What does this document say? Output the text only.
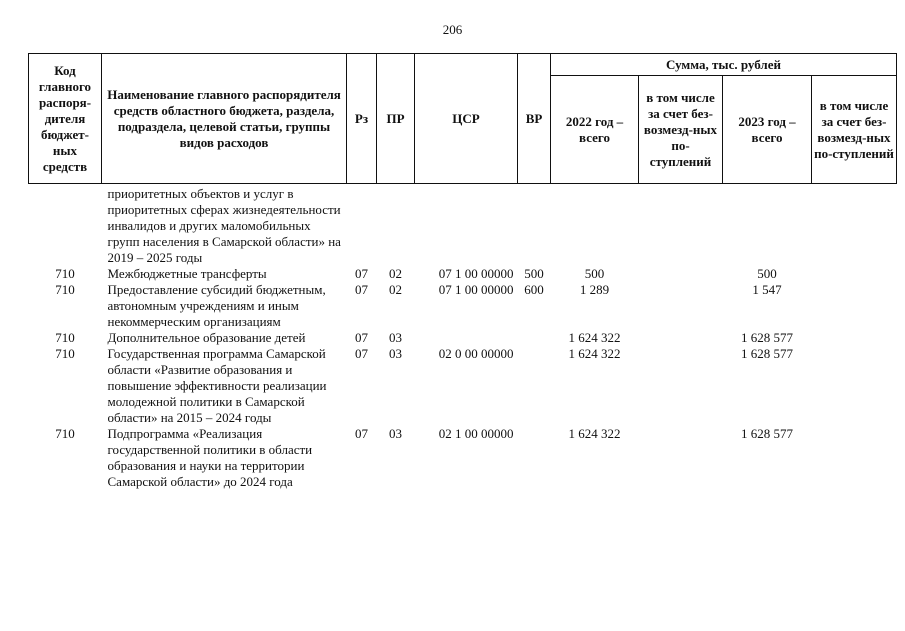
206
Код главного распоря-дителя бюджет-ных средств	Наименование главного распорядителя средств областного бюджета, раздела, подраздела, целевой статьи, группы видов расходов	Рз	ПР	ЦСР	ВР	Сумма, тыс. рублей			
						2022 год – всего	в том числе за счет без-возмезд-ных по-ступлений	2023 год – всего	в том числе за счет без-возмезд-ных по-ступлений
	приоритетных объектов и услуг в приоритетных сферах жизнедеятельности инвалидов и других маломобильных групп населения в Самарской области» на 2019 – 2025 годы								
710	Межбюджетные трансферты	07	02	07 1 00 00000	500	500		500	
710	Предоставление субсидий бюджетным, автономным учреждениям и иным некоммерческим организациям	07	02	07 1 00 00000	600	1 289		1 547	
710	Дополнительное образование детей	07	03			1 624 322		1 628 577	
710	Государственная программа Самарской области «Развитие образования и повышение эффективности реализации молодежной политики в Самарской области» на 2015 – 2024 годы	07	03	02 0 00 00000		1 624 322		1 628 577	
710	Подпрограмма «Реализация государственной политики в области образования и науки на территории Самарской области» до 2024 года	07	03	02 1 00 00000		1 624 322		1 628 577	
